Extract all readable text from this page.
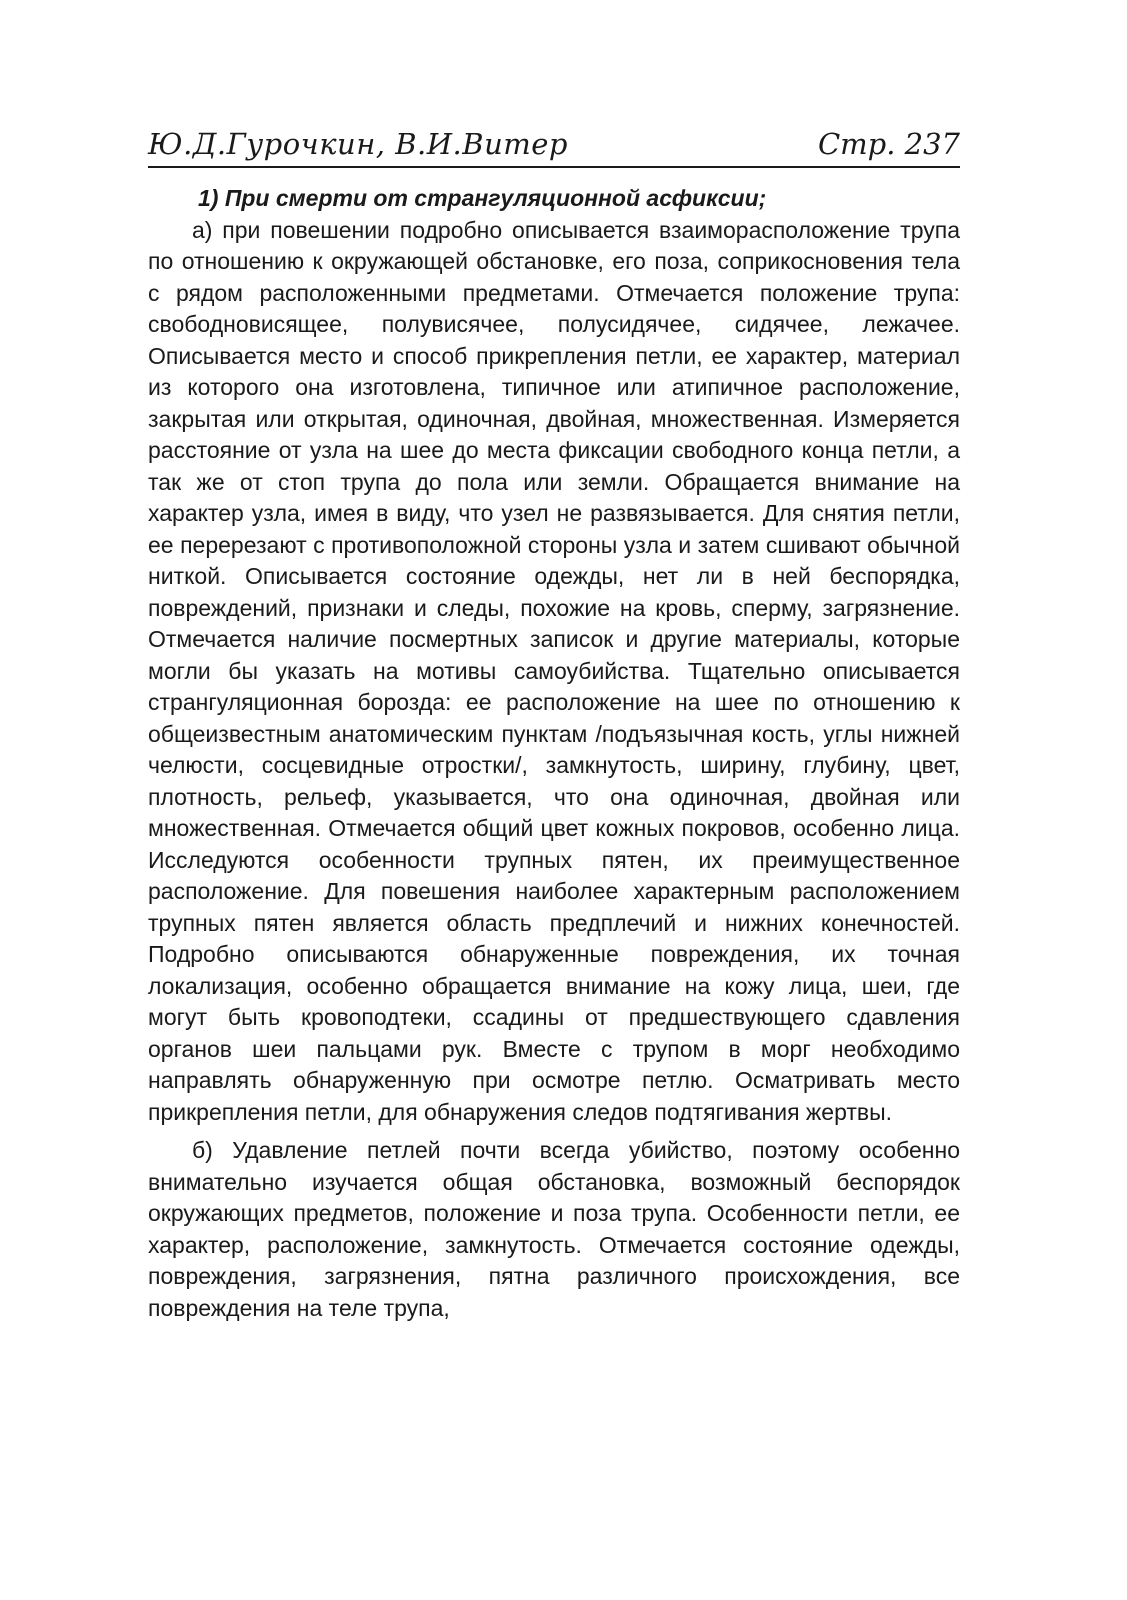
Ю.Д.Гурочкин, В.И.Витер	Стр. 237

1) При смерти от странгуляционной асфиксии;

а) при повешении подробно описывается взаиморасположение трупа по отношению к окружающей обстановке, его поза, соприкосновения тела с рядом расположенными предметами. Отмечается положение трупа: свободновисящее, полувисячее, полусидячее, сидячее, лежачее. Описывается место и способ прикрепления петли, ее характер, материал из которого она изготовлена, типичное или атипичное расположение, закрытая или открытая, одиночная, двойная, множественная. Измеряется расстояние от узла на шее до места фиксации свободного конца петли, а так же от стоп трупа до пола или земли. Обращается внимание на характер узла, имея в виду, что узел не развязывается. Для снятия петли, ее перерезают с противоположной стороны узла и затем сшивают обычной ниткой. Описывается состояние одежды, нет ли в ней беспорядка, повреждений, признаки и следы, похожие на кровь, сперму, загрязнение. Отмечается наличие посмертных записок и другие материалы, которые могли бы указать на мотивы самоубийства. Тщательно описывается странгуляционная борозда: ее расположение на шее по отношению к общеизвестным анатомическим пунктам /подъязычная кость, углы нижней челюсти, сосцевидные отростки/, замкнутость, ширину, глубину, цвет, плотность, рельеф, указывается, что она одиночная, двойная или множественная. Отмечается общий цвет кожных покровов, особенно лица. Исследуются особенности трупных пятен, их преимущественное расположение. Для повешения наиболее характерным расположением трупных пятен является область предплечий и нижних конечностей. Подробно описываются обнаруженные повреждения, их точная локализация, особенно обращается внимание на кожу лица, шеи, где могут быть кровоподтеки, ссадины от предшествующего сдавления органов шеи пальцами рук. Вместе с трупом в морг необходимо направлять обнаруженную при осмотре петлю. Осматривать место прикрепления петли, для обнаружения следов подтягивания жертвы.

б) Удавление петлей почти всегда убийство, поэтому особенно внимательно изучается общая обстановка, возможный беспорядок окружающих предметов, положение и поза трупа. Особенности петли, ее характер, расположение, замкнутость. Отмечается состояние одежды, повреждения, загрязнения, пятна различного происхождения, все повреждения на теле трупа,
